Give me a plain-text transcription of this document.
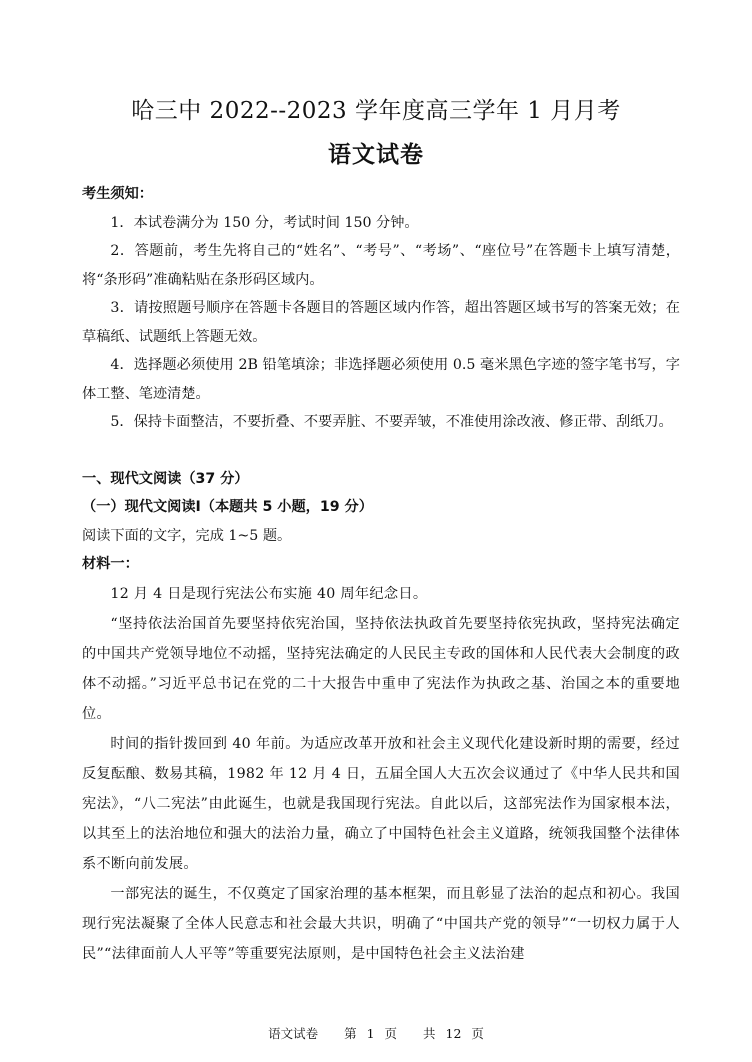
哈三中 2022--2023 学年度高三学年 1 月月考
语文试卷
考生须知：

1．本试卷满分为 150 分，考试时间 150 分钟。

2．答题前，考生先将自己的“姓名”、“考号”、“考场”、“座位号”在答题卡上填写清楚，将“条形码”准确粘贴在条形码区域内。

3．请按照题号顺序在答题卡各题目的答题区域内作答，超出答题区域书写的答案无效；在草稿纸、试题纸上答题无效。

4．选择题必须使用 2B 铅笔填涂；非选择题必须使用 0.5 毫米黑色字迹的签字笔书写，字体工整、笔迹清楚。

5．保持卡面整洁，不要折叠、不要弄脏、不要弄皱，不准使用涂改液、修正带、刮纸刀。

一、现代文阅读（37 分）

（一）现代文阅读Ⅰ（本题共 5 小题，19 分）

阅读下面的文字，完成 1~5 题。

材料一：

12 月 4 日是现行宪法公布实施 40 周年纪念日。

“坚持依法治国首先要坚持依宪治国，坚持依法执政首先要坚持依宪执政，坚持宪法确定的中国共产党领导地位不动摇，坚持宪法确定的人民民主专政的国体和人民代表大会制度的政体不动摇。”习近平总书记在党的二十大报告中重申了宪法作为执政之基、治国之本的重要地位。

时间的指针拨回到 40 年前。为适应改革开放和社会主义现代化建设新时期的需要，经过反复酝酿、数易其稿，1982 年 12 月 4 日，五届全国人大五次会议通过了《中华人民共和国宪法》，“八二宪法”由此诞生，也就是我国现行宪法。自此以后，这部宪法作为国家根本法，以其至上的法治地位和强大的法治力量，确立了中国特色社会主义道路，统领我国整个法律体系不断向前发展。

一部宪法的诞生，不仅奠定了国家治理的基本框架，而且彰显了法治的起点和初心。我国现行宪法凝聚了全体人民意志和社会最大共识，明确了“中国共产党的领导”“一切权力属于人民”“法律面前人人平等”等重要宪法原则，是中国特色社会主义法治建

语文试卷 第 1 页 共 12 页
